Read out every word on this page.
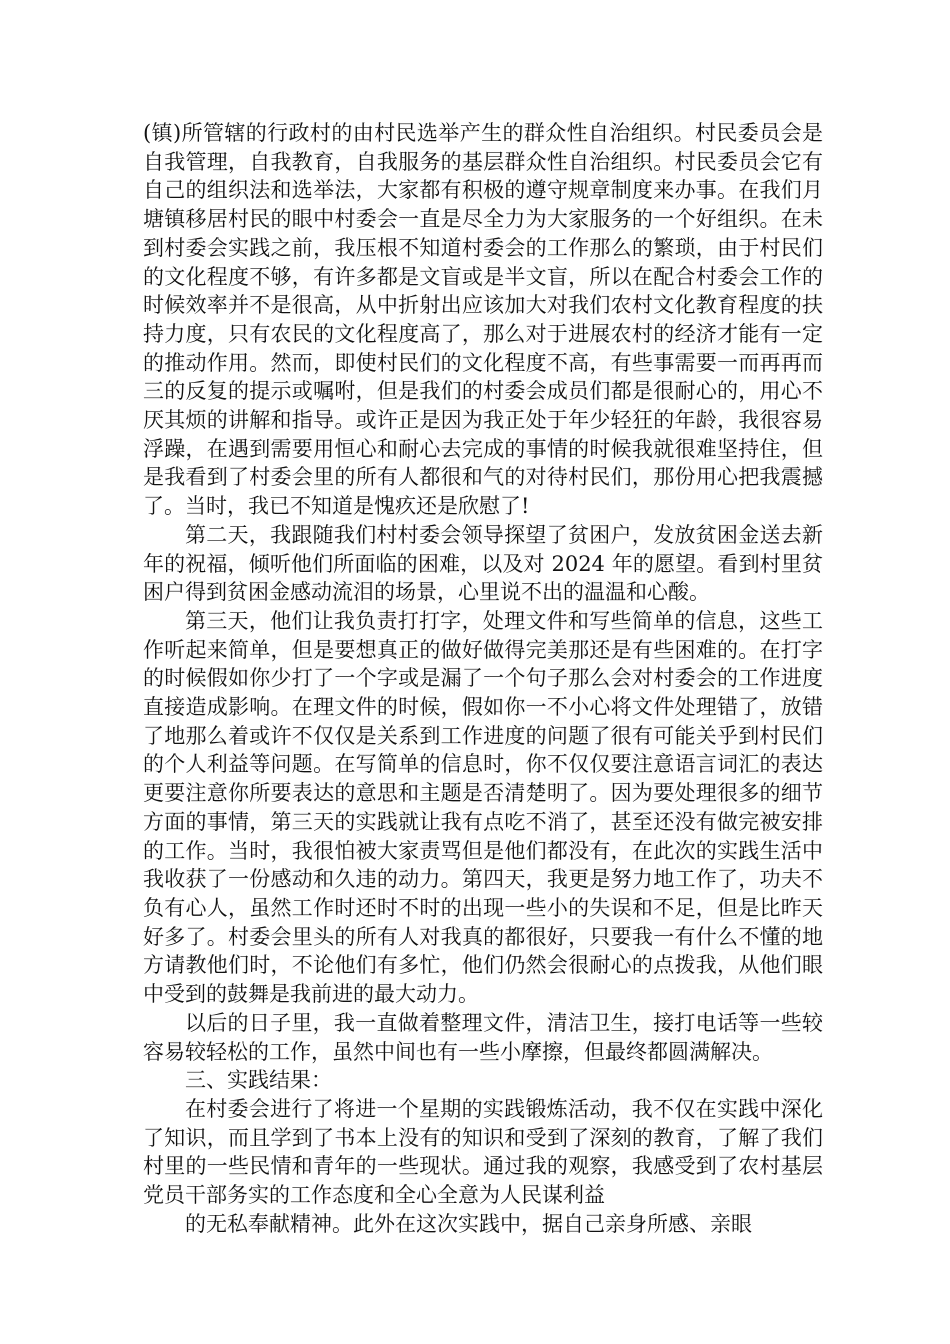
(镇)所管辖的行政村的由村民选举产生的群众性自治组织。村民委员会是自我管理，自我教育，自我服务的基层群众性自治组织。村民委员会它有自己的组织法和选举法，大家都有积极的遵守规章制度来办事。在我们月塘镇移居村民的眼中村委会一直是尽全力为大家服务的一个好组织。在未到村委会实践之前，我压根不知道村委会的工作那么的繁琐，由于村民们的文化程度不够，有许多都是文盲或是半文盲，所以在配合村委会工作的时候效率并不是很高，从中折射出应该加大对我们农村文化教育程度的扶持力度，只有农民的文化程度高了，那么对于进展农村的经济才能有一定的推动作用。然而，即使村民们的文化程度不高，有些事需要一而再再而三的反复的提示或嘱咐，但是我们的村委会成员们都是很耐心的，用心不厌其烦的讲解和指导。或许正是因为我正处于年少轻狂的年龄，我很容易浮躁，在遇到需要用恒心和耐心去完成的事情的时候我就很难坚持住，但是我看到了村委会里的所有人都很和气的对待村民们，那份用心把我震撼了。当时，我已不知道是愧疚还是欣慰了!

第二天，我跟随我们村村委会领导探望了贫困户，发放贫困金送去新年的祝福，倾听他们所面临的困难，以及对 2024 年的愿望。看到村里贫困户得到贫困金感动流泪的场景，心里说不出的温温和心酸。

第三天，他们让我负责打打字，处理文件和写些简单的信息，这些工作听起来简单，但是要想真正的做好做得完美那还是有些困难的。在打字的时候假如你少打了一个字或是漏了一个句子那么会对村委会的工作进度直接造成影响。在理文件的时候，假如你一不小心将文件处理错了，放错了地那么着或许不仅仅是关系到工作进度的问题了很有可能关乎到村民们的个人利益等问题。在写简单的信息时，你不仅仅要注意语言词汇的表达更要注意你所要表达的意思和主题是否清楚明了。因为要处理很多的细节方面的事情，第三天的实践就让我有点吃不消了，甚至还没有做完被安排的工作。当时，我很怕被大家责骂但是他们都没有，在此次的实践生活中我收获了一份感动和久违的动力。第四天，我更是努力地工作了，功夫不负有心人，虽然工作时还时不时的出现一些小的失误和不足，但是比昨天好多了。村委会里头的所有人对我真的都很好，只要我一有什么不懂的地方请教他们时，不论他们有多忙，他们仍然会很耐心的点拨我，从他们眼中受到的鼓舞是我前进的最大动力。

以后的日子里，我一直做着整理文件，清洁卫生，接打电话等一些较容易较轻松的工作，虽然中间也有一些小摩擦，但最终都圆满解决。

三、实践结果：

在村委会进行了将进一个星期的实践锻炼活动，我不仅在实践中深化了知识，而且学到了书本上没有的知识和受到了深刻的教育，了解了我们村里的一些民情和青年的一些现状。通过我的观察，我感受到了农村基层党员干部务实的工作态度和全心全意为人民谋利益

的无私奉献精神。此外在这次实践中，据自己亲身所感、亲眼
